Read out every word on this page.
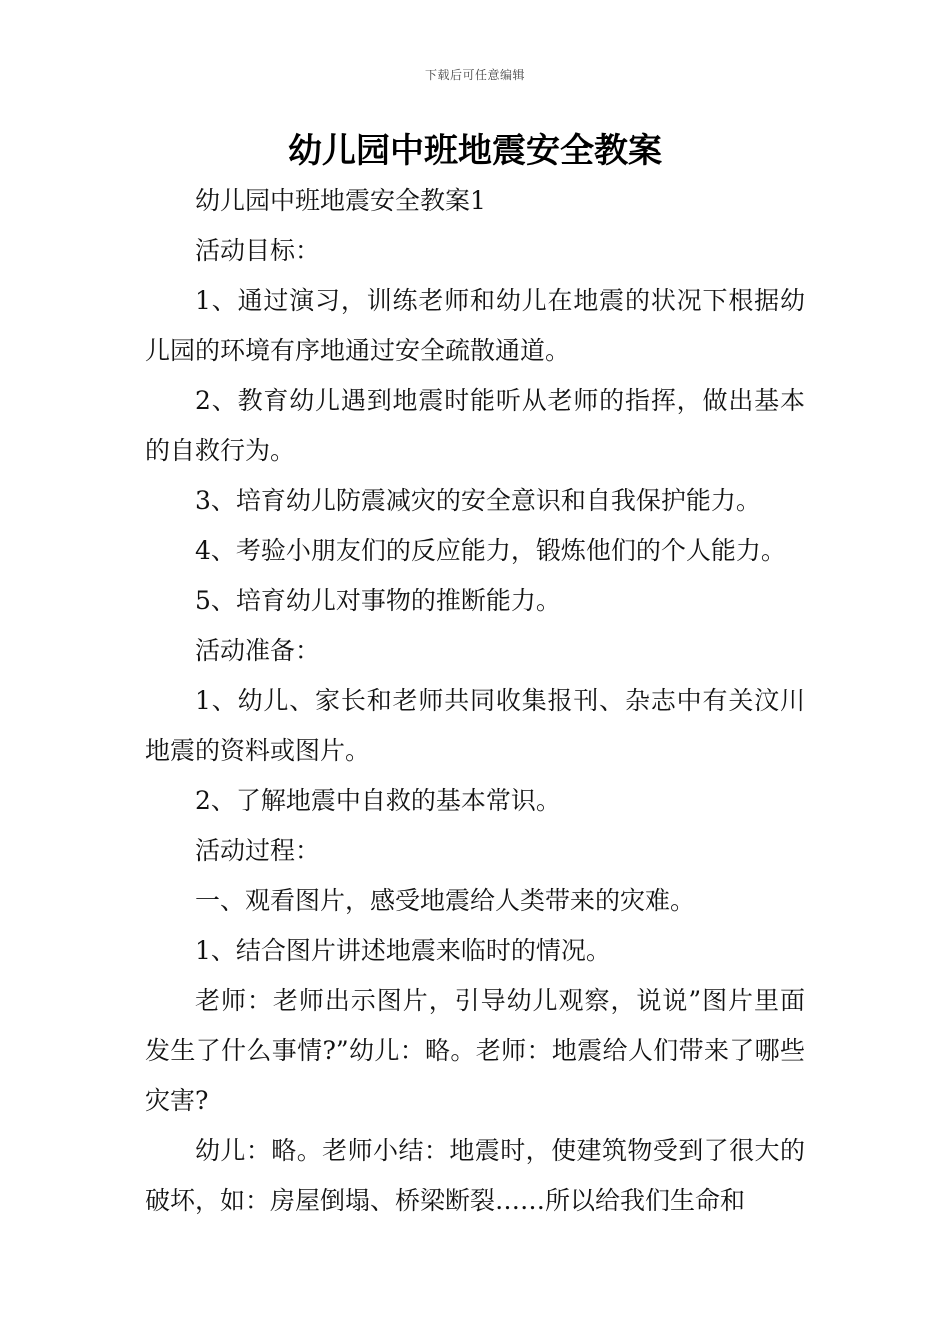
下载后可任意编辑
幼儿园中班地震安全教案

幼儿园中班地震安全教案1

活动目标：

1、通过演习，训练老师和幼儿在地震的状况下根据幼儿园的环境有序地通过安全疏散通道。

2、教育幼儿遇到地震时能听从老师的指挥，做出基本的自救行为。

3、培育幼儿防震减灾的安全意识和自我保护能力。

4、考验小朋友们的反应能力，锻炼他们的个人能力。

5、培育幼儿对事物的推断能力。

活动准备：

1、幼儿、家长和老师共同收集报刊、杂志中有关汶川地震的资料或图片。

2、了解地震中自救的基本常识。

活动过程：

一、观看图片，感受地震给人类带来的灾难。

1、结合图片讲述地震来临时的情况。

老师：老师出示图片，引导幼儿观察，说说”图片里面发生了什么事情?”幼儿：略。老师：地震给人们带来了哪些灾害?

幼儿：略。老师小结：地震时，使建筑物受到了很大的破坏，如：房屋倒塌、桥梁断裂……所以给我们生命和
